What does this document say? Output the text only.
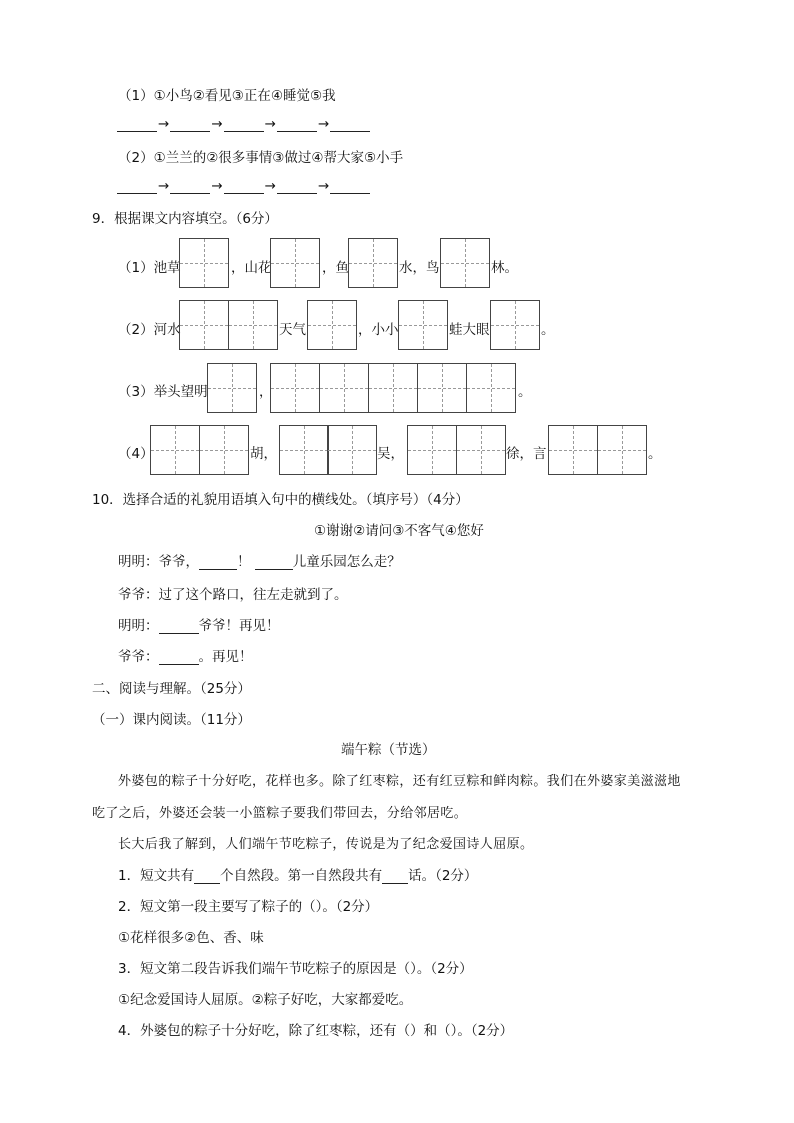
（1）①小鸟②看见③正在④睡觉⑤我
→	→	→	→
（2）①兰兰的②很多事情③做过④帮大家⑤小手
→	→	→	→
9．根据课文内容填空。（6分）
（1）池草	，山花	，鱼	水，鸟	林。
（2）河水	天气	，小小	蛙大眼	。
（3）举头望明	，	。
（4）	胡，	吴，	徐，言	。
10．选择合适的礼貌用语填入句中的横线处。（填序号）（4分）
①谢谢②请问③不客气④您好
明明：爷爷，	！	儿童乐园怎么走？
爷爷：过了这个路口，往左走就到了。
明明：	爷爷！再见！
爷爷：	。再见！
二、阅读与理解。（25分）
（一）课内阅读。（11分）
端午粽（节选）
外婆包的粽子十分好吃，花样也多。除了红枣粽，还有红豆粽和鲜肉粽。我们在外婆家美滋滋地
吃了之后，外婆还会装一小篮粽子要我们带回去，分给邻居吃。
长大后我了解到，人们端午节吃粽子，传说是为了纪念爱国诗人屈原。
1．短文共有 个自然段。第一自然段共有 话。（2分）
2．短文第一段主要写了粽子的（）。（2分）
①花样很多②色、香、味
3．短文第二段告诉我们端午节吃粽子的原因是（）。（2分）
①纪念爱国诗人屈原。②粽子好吃，大家都爱吃。
4．外婆包的粽子十分好吃，除了红枣粽，还有（）和（）。（2分）
